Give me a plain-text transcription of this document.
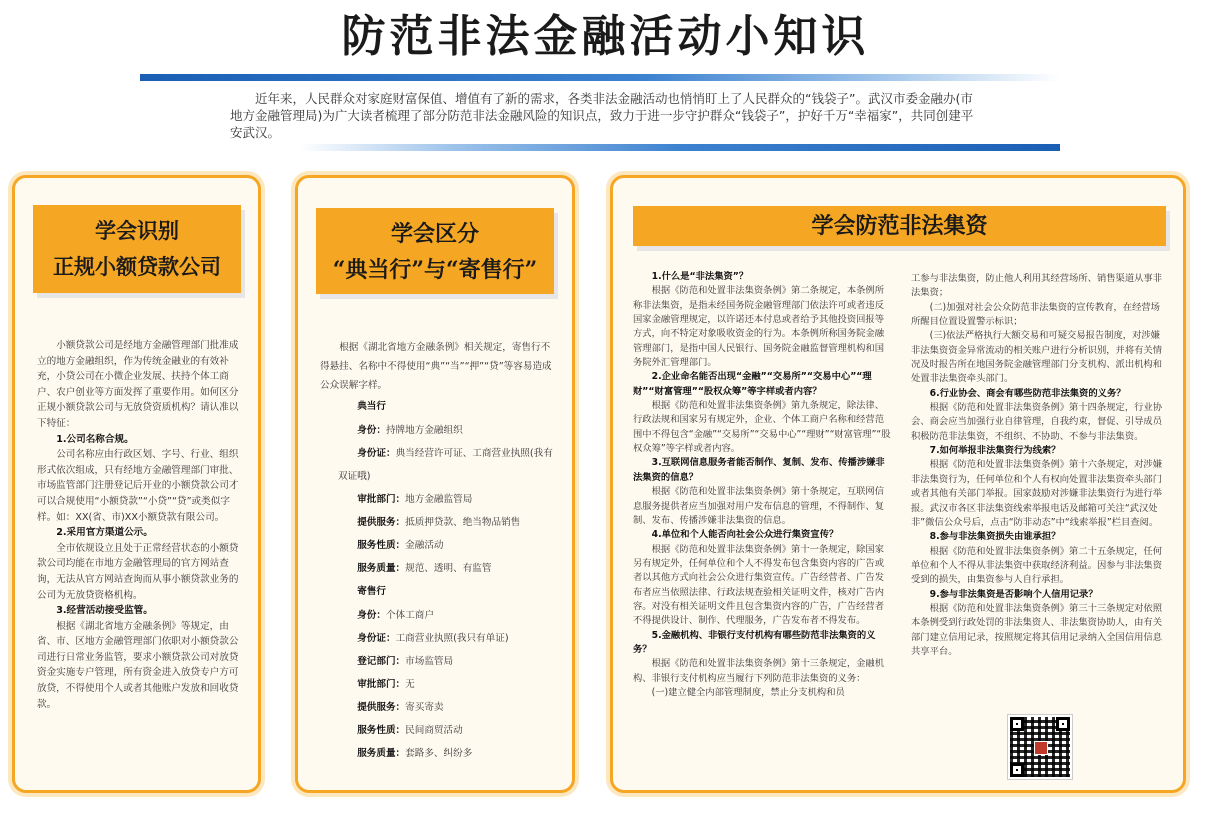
防范非法金融活动小知识
近年来，人民群众对家庭财富保值、增值有了新的需求，各类非法金融活动也悄悄盯上了人民群众的“钱袋子”。武汉市委金融办(市地方金融管理局)为广大读者梳理了部分防范非法金融风险的知识点，致力于进一步守护群众“钱袋子”，护好千万“幸福家”，共同创建平安武汉。
学会识别
正规小额贷款公司

小额贷款公司是经地方金融管理部门批准成立的地方金融组织，作为传统金融业的有效补充，小贷公司在小微企业发展、扶持个体工商户、农户创业等方面发挥了重要作用。如何区分正规小额贷款公司与无放贷资质机构？请认准以下特征：

1.公司名称合规。

公司名称应由行政区划、字号、行业、组织形式依次组成，只有经地方金融管理部门审批、市场监管部门注册登记后开业的小额贷款公司才可以合规使用“小额贷款”“小贷”“贷”或类似字样。如：XX(省、市)XX小额贷款有限公司。

2.采用官方渠道公示。

全市依规设立且处于正常经营状态的小额贷款公司均能在市地方金融管理局的官方网站查询，无法从官方网站查询而从事小额贷款业务的公司为无放贷资格机构。

3.经营活动接受监管。

根据《湖北省地方金融条例》等规定，由省、市、区地方金融管理部门依职对小额贷款公司进行日常业务监管，要求小额贷款公司对放贷资金实施专户管理，所有资金进入放贷专户方可放贷，不得使用个人或者其他账户发放和回收贷款。

学会区分
“典当行”与“寄售行”

根据《湖北省地方金融条例》相关规定，寄售行不得悬挂、名称中不得使用“典”“当”“押”“贷”等容易造成公众误解字样。

典当行

身份：持牌地方金融组织

身份证：典当经营许可证、工商营业执照(我有双证哦)

审批部门：地方金融监管局

提供服务：抵质押贷款、绝当物品销售

服务性质：金融活动

服务质量：规范、透明、有监管

寄售行

身份：个体工商户

身份证：工商营业执照(我只有单证)

登记部门：市场监管局

审批部门：无

提供服务：寄买寄卖

服务性质：民间商贸活动

服务质量：套路多、纠纷多

学会防范非法集资

1.什么是“非法集资”？

根据《防范和处置非法集资条例》第二条规定，本条例所称非法集资，是指未经国务院金融管理部门依法许可或者违反国家金融管理规定，以许诺还本付息或者给予其他投资回报等方式，向不特定对象吸收资金的行为。本条例所称国务院金融管理部门，是指中国人民银行、国务院金融监督管理机构和国务院外汇管理部门。

2.企业命名能否出现“金融”“交易所”“交易中心”“理财”“财富管理”“股权众筹”等字样或者内容？

根据《防范和处置非法集资条例》第九条规定，除法律、行政法规和国家另有规定外，企业、个体工商户名称和经营范围中不得包含“金融”“交易所”“交易中心”“理财”“财富管理”“股权众筹”等字样或者内容。

3.互联网信息服务者能否制作、复制、发布、传播涉嫌非法集资的信息？

根据《防范和处置非法集资条例》第十条规定，互联网信息服务提供者应当加强对用户发布信息的管理，不得制作、复制、发布、传播涉嫌非法集资的信息。

4.单位和个人能否向社会公众进行集资宣传？

根据《防范和处置非法集资条例》第十一条规定，除国家另有规定外，任何单位和个人不得发布包含集资内容的广告或者以其他方式向社会公众进行集资宣传。广告经营者、广告发布者应当依照法律、行政法规查验相关证明文件，核对广告内容。对没有相关证明文件且包含集资内容的广告，广告经营者不得提供设计、制作、代理服务，广告发布者不得发布。

5.金融机构、非银行支付机构有哪些防范非法集资的义务？

根据《防范和处置非法集资条例》第十三条规定，金融机构、非银行支付机构应当履行下列防范非法集资的义务：

(一)建立健全内部管理制度，禁止分支机构和员

工参与非法集资，防止他人利用其经营场所、销售渠道从事非法集资；

(二)加强对社会公众防范非法集资的宣传教育，在经营场所醒目位置设置警示标识；

(三)依法严格执行大额交易和可疑交易报告制度，对涉嫌非法集资资金异常流动的相关账户进行分析识别，并将有关情况及时报告所在地国务院金融管理部门分支机构、派出机构和处置非法集资牵头部门。

6.行业协会、商会有哪些防范非法集资的义务？

根据《防范和处置非法集资条例》第十四条规定，行业协会、商会应当加强行业自律管理，自我约束，督促、引导成员积极防范非法集资，不组织、不协助、不参与非法集资。

7.如何举报非法集资行为线索？

根据《防范和处置非法集资条例》第十六条规定，对涉嫌非法集资行为，任何单位和个人有权向处置非法集资牵头部门或者其他有关部门举报。国家鼓励对涉嫌非法集资行为进行举报。武汉市各区非法集资线索举报电话及邮箱可关注“武汉处非”微信公众号后，点击“防非动态”中“线索举报”栏目查阅。

8.参与非法集资损失由谁承担？

根据《防范和处置非法集资条例》第二十五条规定，任何单位和个人不得从非法集资中获取经济利益。因参与非法集资受到的损失，由集资参与人自行承担。

9.参与非法集资是否影响个人信用记录？

根据《防范和处置非法集资条例》第三十三条规定对依照本条例受到行政处罚的非法集资人、非法集资协助人，由有关部门建立信用记录，按照规定将其信用记录纳入全国信用信息共享平台。
